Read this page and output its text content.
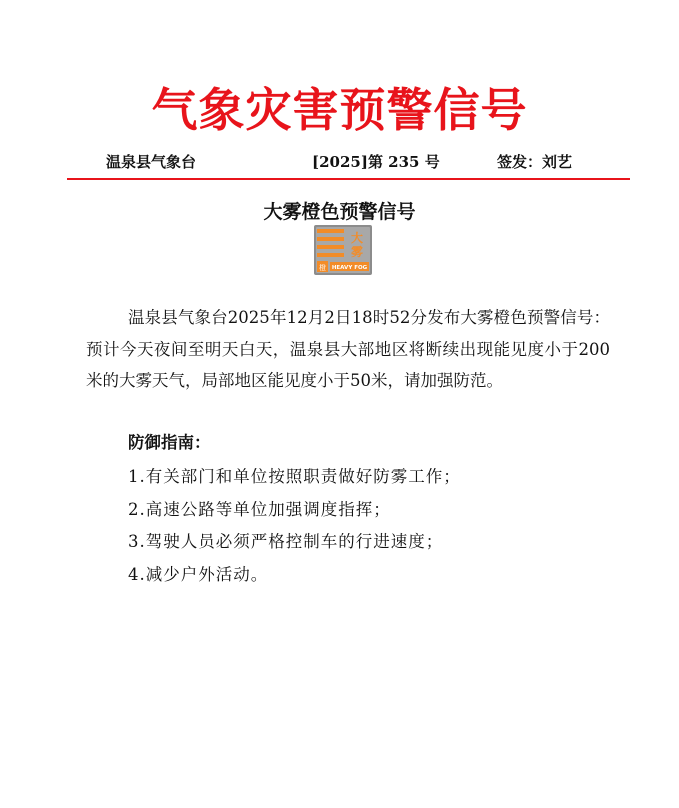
气象灾害预警信号
温泉县气象台	[2025]第 235 号	签发：刘艺
大雾橙色预警信号
大
雾
橙 HEAVY FOG
温泉县气象台2025年12月2日18时52分发布大雾橙色预警信号：预计今天夜间至明天白天，温泉县大部地区将断续出现能见度小于200米的大雾天气，局部地区能见度小于50米，请加强防范。
防御指南：
1.有关部门和单位按照职责做好防雾工作；
2.高速公路等单位加强调度指挥；
3.驾驶人员必须严格控制车的行进速度；
4.减少户外活动。
